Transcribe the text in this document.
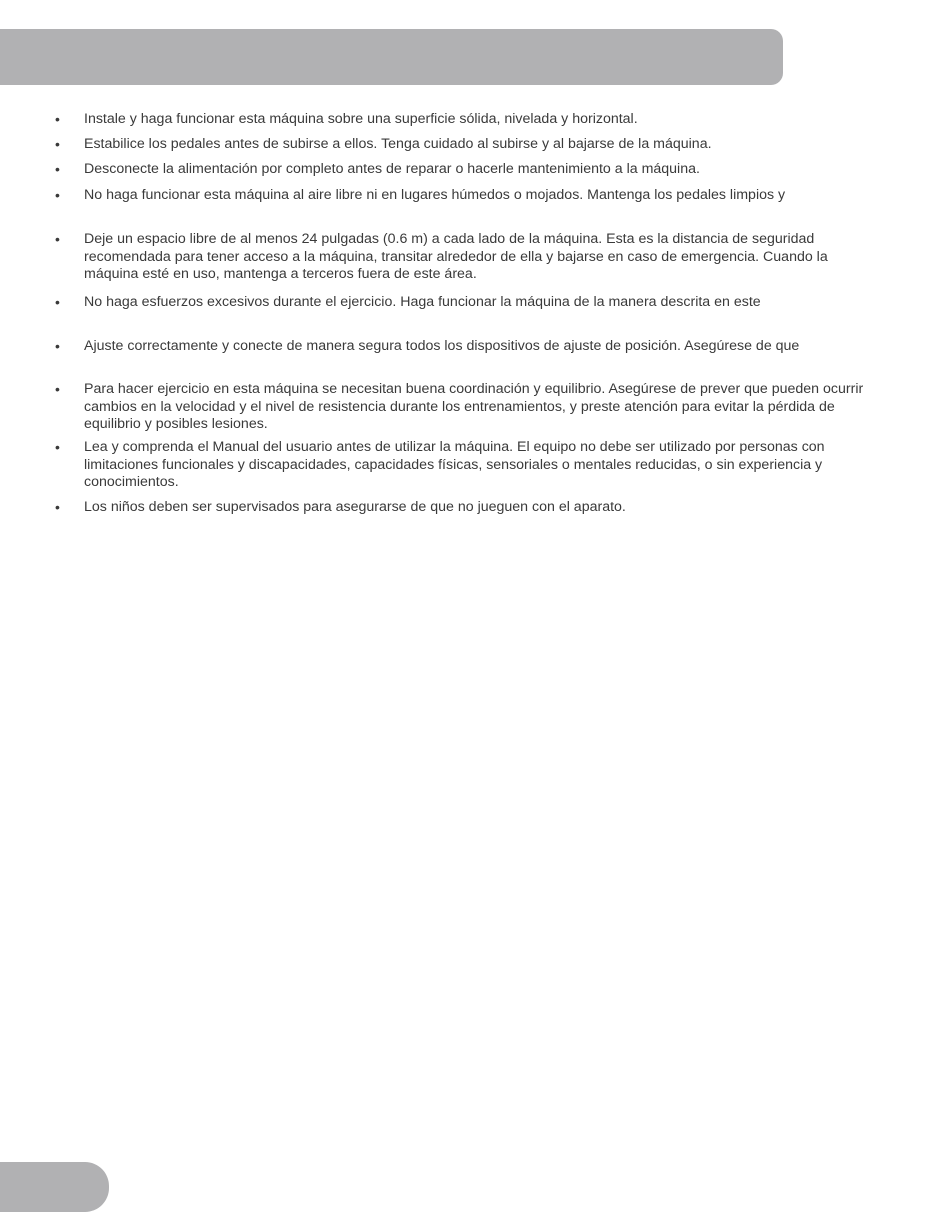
• Instale y haga funcionar esta máquina sobre una superficie sólida, nivelada y horizontal.
• Estabilice los pedales antes de subirse a ellos. Tenga cuidado al subirse y al bajarse de la máquina.
• Desconecte la alimentación por completo antes de reparar o hacerle mantenimiento a la máquina.
• No haga funcionar esta máquina al aire libre ni en lugares húmedos o mojados. Mantenga los pedales limpios y
• Deje un espacio libre de al menos 24 pulgadas (0.6 m) a cada lado de la máquina. Esta es la distancia de seguridad recomendada para tener acceso a la máquina, transitar alrededor de ella y bajarse en caso de emergencia. Cuando la máquina esté en uso, mantenga a terceros fuera de este área.
• No haga esfuerzos excesivos durante el ejercicio. Haga funcionar la máquina de la manera descrita en este
• Ajuste correctamente y conecte de manera segura todos los dispositivos de ajuste de posición. Asegúrese de que
• Para hacer ejercicio en esta máquina se necesitan buena coordinación y equilibrio. Asegúrese de prever que pueden ocurrir cambios en la velocidad y el nivel de resistencia durante los entrenamientos, y preste atención para evitar la pérdida de equilibrio y posibles lesiones.
• Lea y comprenda el Manual del usuario antes de utilizar la máquina. El equipo no debe ser utilizado por personas con limitaciones funcionales y discapacidades, capacidades físicas, sensoriales o mentales reducidas, o sin experiencia y conocimientos.
• Los niños deben ser supervisados para asegurarse de que no jueguen con el aparato.
